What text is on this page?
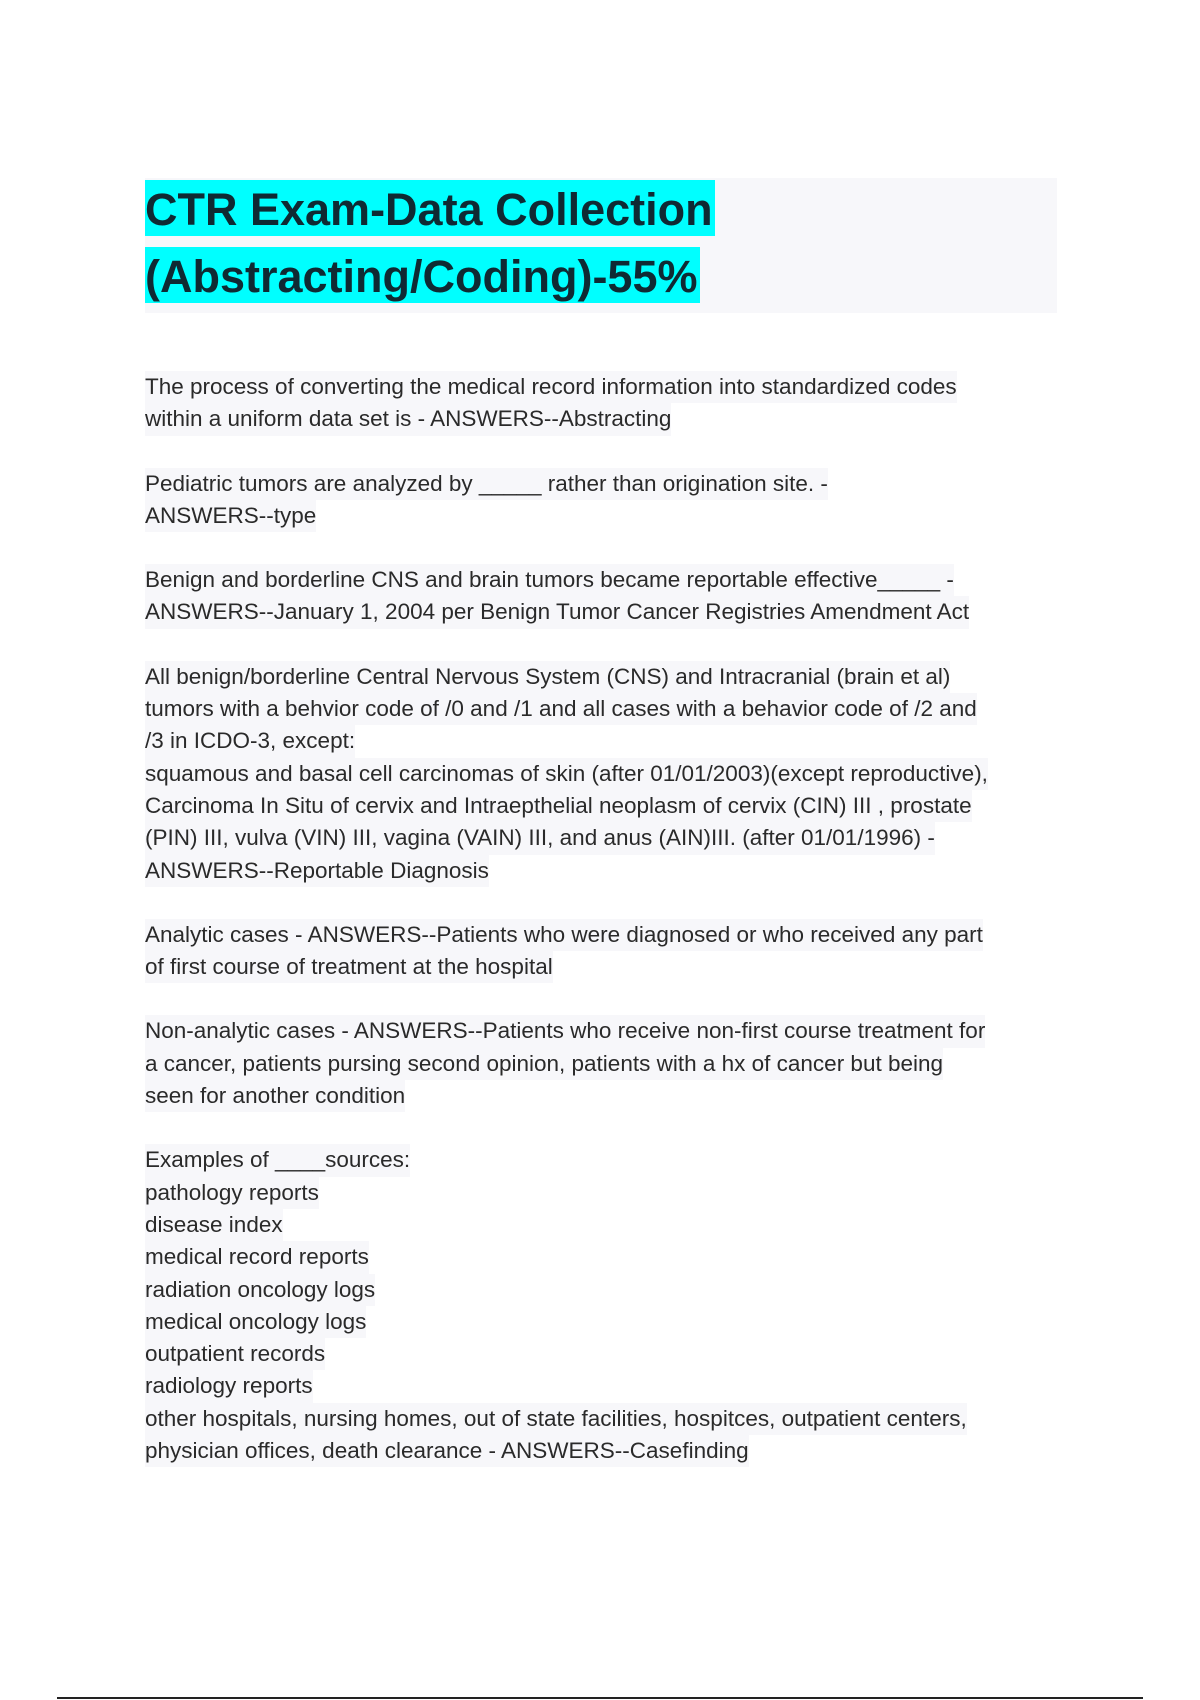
CTR Exam-Data Collection
(Abstracting/Coding)-55%
The process of converting the medical record information into standardized codes
within a uniform data set is - ANSWERS--Abstracting
Pediatric tumors are analyzed by _____ rather than origination site. -
ANSWERS--type
Benign and borderline CNS and brain tumors became reportable effective_____ -
ANSWERS--January 1, 2004 per Benign Tumor Cancer Registries Amendment Act
All benign/borderline Central Nervous System (CNS) and Intracranial (brain et al)
tumors with a behvior code of /0 and /1 and all cases with a behavior code of /2 and
/3 in ICDO-3, except:
squamous and basal cell carcinomas of skin (after 01/01/2003)(except reproductive),
Carcinoma In Situ of cervix and Intraepthelial neoplasm of cervix (CIN) III , prostate
(PIN) III, vulva (VIN) III, vagina (VAIN) III, and anus (AIN)III. (after 01/01/1996) -
ANSWERS--Reportable Diagnosis
Analytic cases - ANSWERS--Patients who were diagnosed or who received any part
of first course of treatment at the hospital
Non-analytic cases - ANSWERS--Patients who receive non-first course treatment for
a cancer, patients pursing second opinion, patients with a hx of cancer but being
seen for another condition
Examples of ____sources:
pathology reports
disease index
medical record reports
radiation oncology logs
medical oncology logs
outpatient records
radiology reports
other hospitals, nursing homes, out of state facilities, hospitces, outpatient centers,
physician offices, death clearance - ANSWERS--Casefinding
